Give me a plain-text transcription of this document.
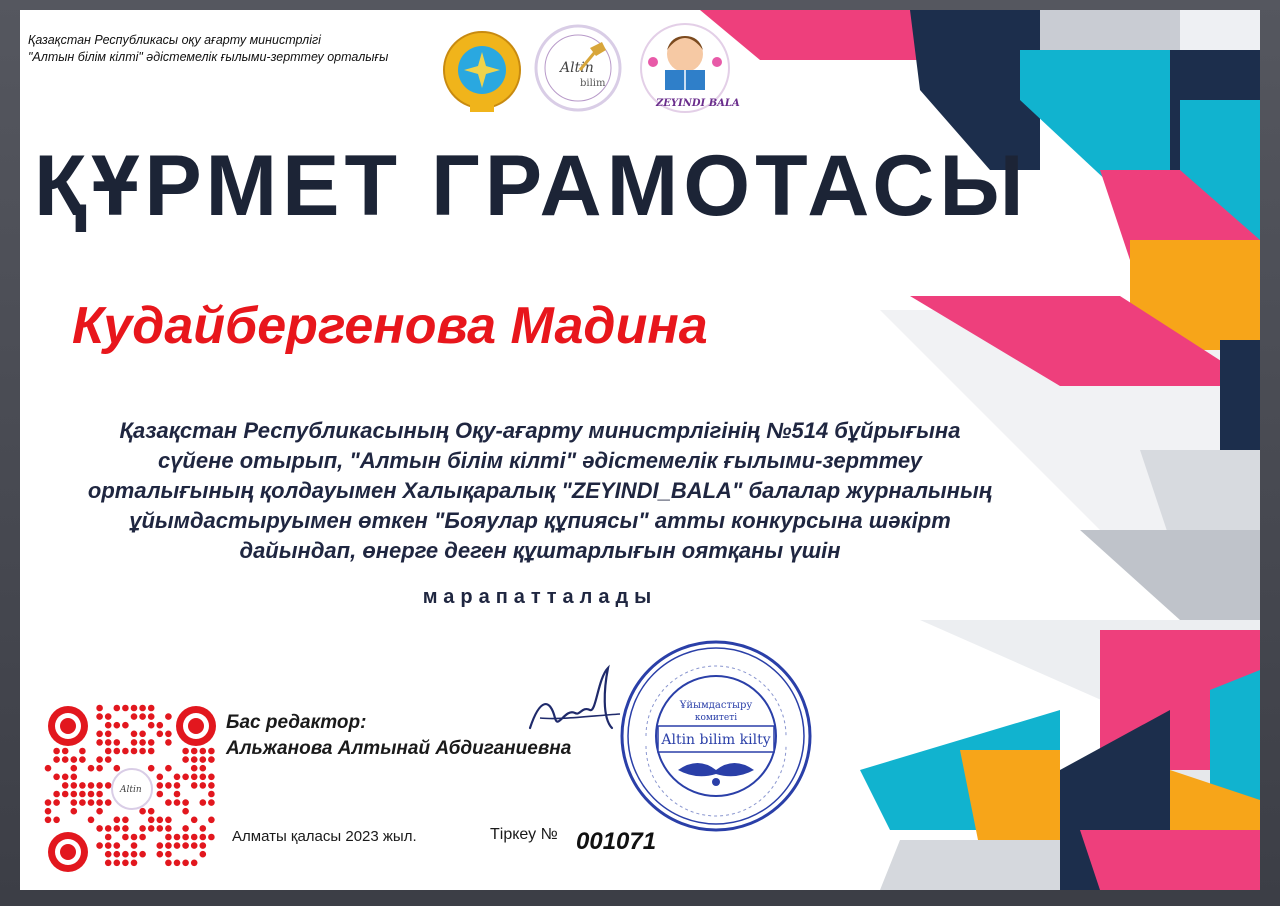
Қазақстан Республикасы оқу ағарту министрлігі
"Алтын білім кілті" әдістемелік ғылыми-зерттеу орталығы
Altin
bilim
ZEYINDI BALA
ҚҰРМЕТ ГРАМОТАСЫ
Кудайбергенова Мадина
Қазақстан Республикасының Оқу-ағарту министрлігінің №514 бұйрығына
сүйене отырып, "Алтын білім кілті" әдістемелік ғылыми-зерттеу
орталығының қолдауымен Халықаралық "ZEYINDI_BALA" балалар журналының
ұйымдастыруымен өткен "Бояулар құпиясы" атты конкурсына шәкірт
дайындап, өнерге деген құштарлығын оятқаны үшін
марапатталады
Altin
Бас редактор:
Альжанова Алтынай Абдиганиевна
Ұйымдастыру
комитеті
Altin bilim kilty
Алматы қаласы 2023 жыл.	Тіркеу № 001071
